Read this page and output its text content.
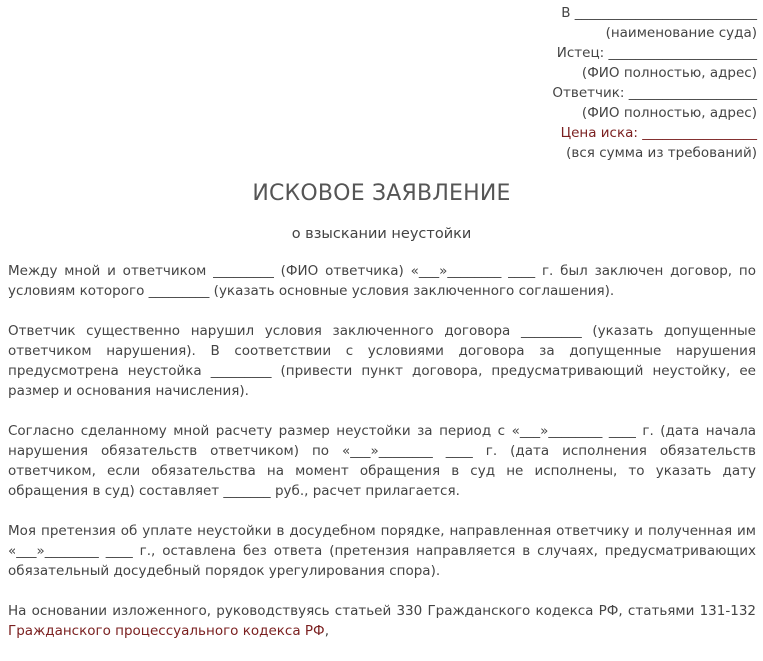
В ___________________________
(наименование суда)
Истец: ______________________
(ФИО полностью, адрес)
Ответчик: ___________________
(ФИО полностью, адрес)
Цена иска: _________________
(вся сумма из требований)
ИСКОВОЕ ЗАЯВЛЕНИЕ
о взыскании неустойки

Между мной и ответчиком _________ (ФИО ответчика) «___»________ ____ г. был заключен договор, по условиям которого _________ (указать основные условия заключенного соглашения).

Ответчик существенно нарушил условия заключенного договора _________ (указать допущенные ответчиком нарушения). В соответствии с условиями договора за допущенные нарушения предусмотрена неустойка _________ (привести пункт договора, предусматривающий неустойку, ее размер и основания начисления).

Согласно сделанному мной расчету размер неустойки за период с «___»________ ____ г. (дата начала нарушения обязательств ответчиком) по «___»________ ____ г. (дата исполнения обязательств ответчиком, если обязательства на момент обращения в суд не исполнены, то указать дату обращения в суд) составляет _______ руб., расчет прилагается.

Моя претензия об уплате неустойки в досудебном порядке, направленная ответчику и полученная им «___»________ ____ г., оставлена без ответа (претензия направляется в случаях, предусматривающих обязательный досудебный порядок урегулирования спора).

На основании изложенного, руководствуясь статьей 330 Гражданского кодекса РФ, статьями 131-132 Гражданского процессуального кодекса РФ,
